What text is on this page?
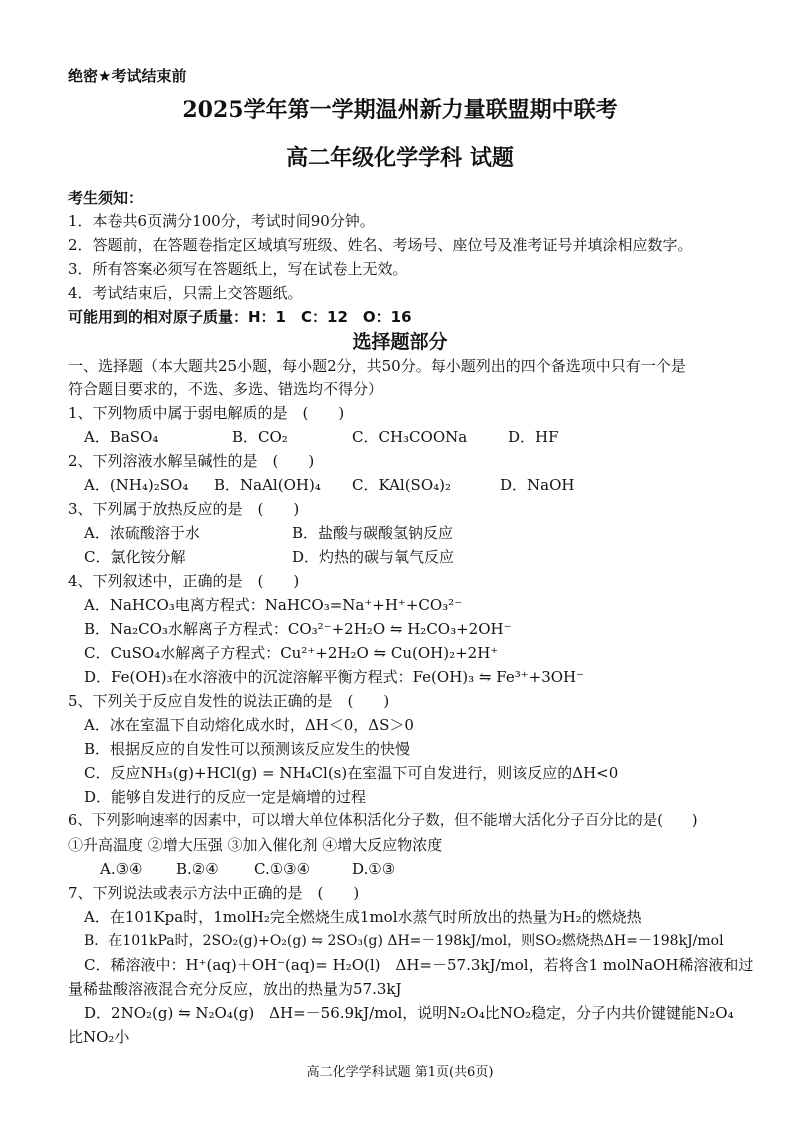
绝密★考试结束前
2025学年第一学期温州新力量联盟期中联考
高二年级化学学科 试题
考生须知：
1．本卷共6页满分100分，考试时间90分钟。
2．答题前，在答题卷指定区域填写班级、姓名、考场号、座位号及准考证号并填涂相应数字。
3．所有答案必须写在答题纸上，写在试卷上无效。
4．考试结束后，只需上交答题纸。
可能用到的相对原子质量：H：1　C：12　O：16
选择题部分
一、选择题（本大题共25小题，每小题2分，共50分。每小题列出的四个备选项中只有一个是
符合题目要求的，不选、多选、错选均不得分）
1、下列物质中属于弱电解质的是　(　　)
A．BaSO₄	B．CO₂	C．CH₃COONa	D．HF
2、下列溶液水解呈碱性的是　(　　)
A．(NH₄)₂SO₄ B．NaAl(OH)₄ C．KAl(SO₄)₂	D．NaOH
3、下列属于放热反应的是　(　　)
A．浓硫酸溶于水	B．盐酸与碳酸氢钠反应
C．氯化铵分解	D．灼热的碳与氧气反应
4、下列叙述中，正确的是　(　　)
A．NaHCO₃电离方程式：NaHCO₃=Na⁺+H⁺+CO₃²⁻
B．Na₂CO₃水解离子方程式：CO₃²⁻+2H₂O ⇋ H₂CO₃+2OH⁻
C．CuSO₄水解离子方程式：Cu²⁺+2H₂O ⇋ Cu(OH)₂+2H⁺
D．Fe(OH)₃在水溶液中的沉淀溶解平衡方程式：Fe(OH)₃ ⇋ Fe³⁺+3OH⁻
5、下列关于反应自发性的说法正确的是　(　　)
A．冰在室温下自动熔化成水时，ΔH＜0，ΔS＞0
B．根据反应的自发性可以预测该反应发生的快慢
C．反应NH₃(g)+HCl(g) = NH₄Cl(s)在室温下可自发进行，则该反应的ΔH<0
D．能够自发进行的反应一定是熵增的过程
6、下列影响速率的因素中，可以增大单位体积活化分子数，但不能增大活化分子百分比的是(　　)
①升高温度 ②增大压强 ③加入催化剂 ④增大反应物浓度
A.③④ B.②④ C.①③④	D.①③
7、下列说法或表示方法中正确的是　(　　)
A．在101Kpa时，1molH₂完全燃烧生成1mol水蒸气时所放出的热量为H₂的燃烧热
B．在101kPa时，2SO₂(g)+O₂(g) ⇋ 2SO₃(g) ΔH=－198kJ/mol，则SO₂燃烧热ΔH=－198kJ/mol
C．稀溶液中：H⁺(aq)＋OH⁻(aq)= H₂O(l)　ΔH=－57.3kJ/mol，若将含1 molNaOH稀溶液和过
量稀盐酸溶液混合充分反应，放出的热量为57.3kJ
D．2NO₂(g) ⇋ N₂O₄(g)　ΔH=－56.9kJ/mol，说明N₂O₄比NO₂稳定，分子内共价键键能N₂O₄
比NO₂小
高二化学学科试题 第1页(共6页)
